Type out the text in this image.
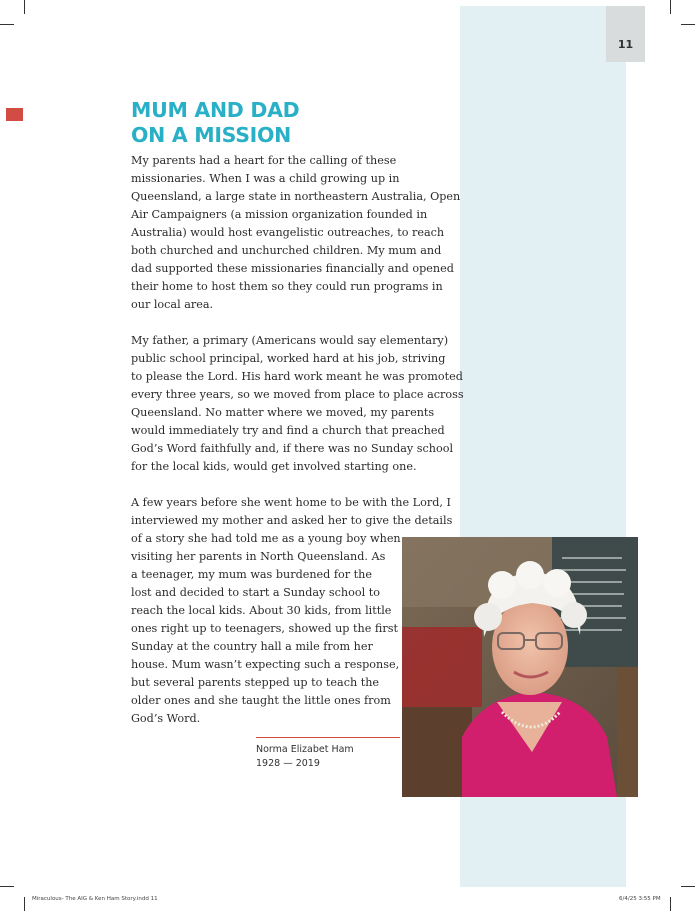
11
MUM AND DAD
ON A MISSION

My parents had a heart for the calling of these
missionaries. When I was a child growing up in
Queensland, a large state in northeastern Australia, Open
Air Campaigners (a mission organization founded in
Australia) would host evangelistic outreaches, to reach
both churched and unchurched children. My mum and
dad supported these missionaries financially and opened
their home to host them so they could run programs in
our local area.

My father, a primary (Americans would say elementary)
public school principal, worked hard at his job, striving
to please the Lord. His hard work meant he was promoted
every three years, so we moved from place to place across
Queensland. No matter where we moved, my parents
would immediately try and find a church that preached
God’s Word faithfully and, if there was no Sunday school
for the local kids, would get involved starting one.

A few years before she went home to be with the Lord, I
interviewed my mother and asked her to give the details
of a story she had told me as a young boy when
visiting her parents in North Queensland. As
a teenager, my mum was burdened for the
lost and decided to start a Sunday school to
reach the local kids. About 30 kids, from little
ones right up to teenagers, showed up the first
Sunday at the country hall a mile from her
house. Mum wasn’t expecting such a response,
but several parents stepped up to teach the
older ones and she taught the little ones from
God’s Word.

Norma Elizabet Ham
1928 — 2019
Miraculous- The AIG & Ken Ham Story.indd 11	6/4/25 3:55 PM
